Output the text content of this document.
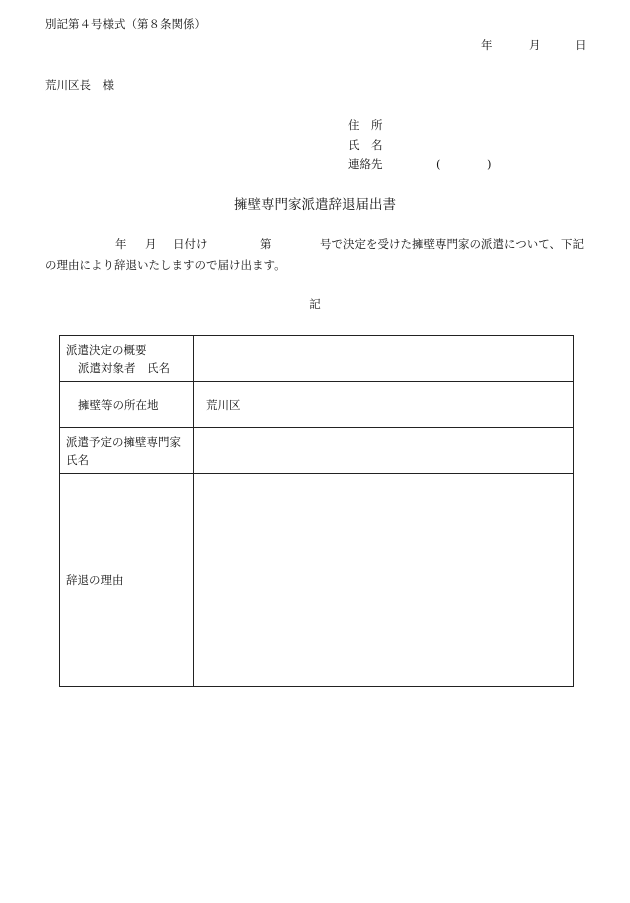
別記第４号様式（第８条関係）
年	月	日
荒川区長　様
住　所
氏　名
連絡先	(	)
擁壁専門家派遣辞退届出書
年 月 日付け	第	号で決定を受けた擁壁専門家の派遣について、下記
の理由により辞退いたしますので届け出ます。
記
派遣決定の概要
派遣対象者　氏名	

擁壁等の所在地	荒川区

派遣予定の擁壁専門家
氏名	

辞退の理由	
